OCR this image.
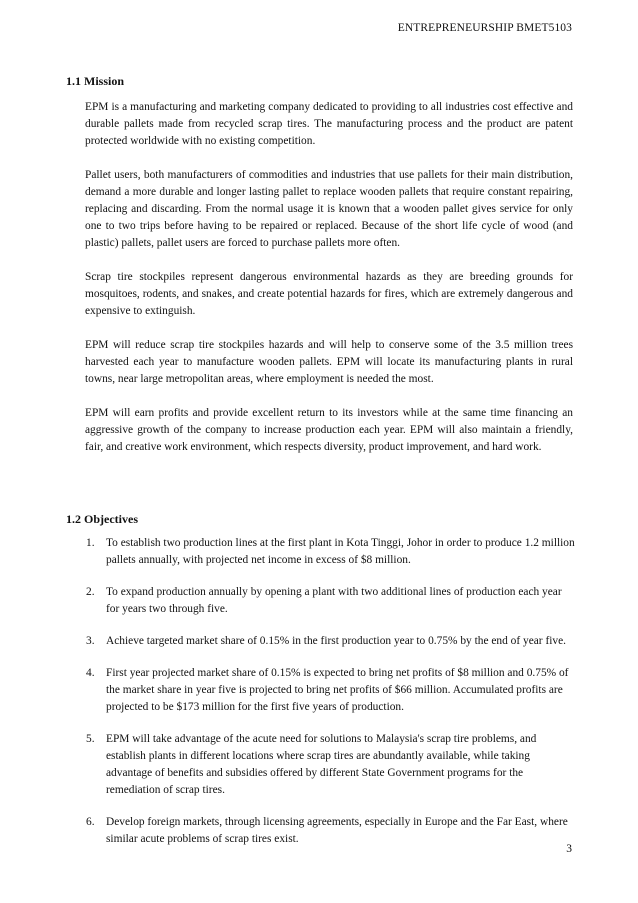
ENTREPRENEURSHIP BMET5103
1.1 Mission

EPM is a manufacturing and marketing company dedicated to providing to all industries cost effective and durable pallets made from recycled scrap tires. The manufacturing process and the product are patent protected worldwide with no existing competition.

Pallet users, both manufacturers of commodities and industries that use pallets for their main distribution, demand a more durable and longer lasting pallet to replace wooden pallets that require constant repairing, replacing and discarding. From the normal usage it is known that a wooden pallet gives service for only one to two trips before having to be repaired or replaced. Because of the short life cycle of wood (and plastic) pallets, pallet users are forced to purchase pallets more often.

Scrap tire stockpiles represent dangerous environmental hazards as they are breeding grounds for mosquitoes, rodents, and snakes, and create potential hazards for fires, which are extremely dangerous and expensive to extinguish.

EPM will reduce scrap tire stockpiles hazards and will help to conserve some of the 3.5 million trees harvested each year to manufacture wooden pallets. EPM will locate its manufacturing plants in rural towns, near large metropolitan areas, where employment is needed the most.

EPM will earn profits and provide excellent return to its investors while at the same time financing an aggressive growth of the company to increase production each year. EPM will also maintain a friendly, fair, and creative work environment, which respects diversity, product improvement, and hard work.

1.2 Objectives
1. To establish two production lines at the first plant in Kota Tinggi, Johor in order to produce 1.2 million pallets annually, with projected net income in excess of $8 million.
2. To expand production annually by opening a plant with two additional lines of production each year for years two through five.
3. Achieve targeted market share of 0.15% in the first production year to 0.75% by the end of year five.
4. First year projected market share of 0.15% is expected to bring net profits of $8 million and 0.75% of the market share in year five is projected to bring net profits of $66 million. Accumulated profits are projected to be $173 million for the first five years of production.
5. EPM will take advantage of the acute need for solutions to Malaysia's scrap tire problems, and establish plants in different locations where scrap tires are abundantly available, while taking advantage of benefits and subsidies offered by different State Government programs for the remediation of scrap tires.
6. Develop foreign markets, through licensing agreements, especially in Europe and the Far East, where similar acute problems of scrap tires exist.
3
